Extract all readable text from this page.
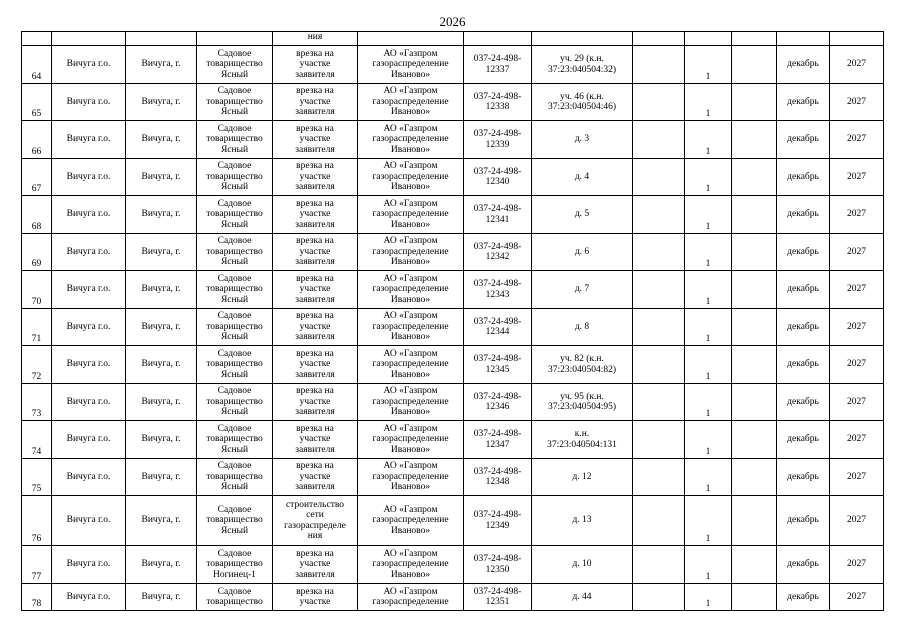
2026
				ния								
64	Вичуга г.о.	Вичуга, г.	Садовое
товарищество
Ясный	врезка на
участке
заявителя	АО «Газпром
газораспределение
Иваново»	037-24-498-
12337	уч. 29 (к.н.
37:23:040504:32)		1		декабрь	2027
65	Вичуга г.о.	Вичуга, г.	Садовое
товарищество
Ясный	врезка на
участке
заявителя	АО «Газпром
газораспределение
Иваново»	037-24-498-
12338	уч. 46 (к.н.
37:23:040504:46)		1		декабрь	2027
66	Вичуга г.о.	Вичуга, г.	Садовое
товарищество
Ясный	врезка на
участке
заявителя	АО «Газпром
газораспределение
Иваново»	037-24-498-
12339	д. 3		1		декабрь	2027
67	Вичуга г.о.	Вичуга, г.	Садовое
товарищество
Ясный	врезка на
участке
заявителя	АО «Газпром
газораспределение
Иваново»	037-24-498-
12340	д. 4		1		декабрь	2027
68	Вичуга г.о.	Вичуга, г.	Садовое
товарищество
Ясный	врезка на
участке
заявителя	АО «Газпром
газораспределение
Иваново»	037-24-498-
12341	д. 5		1		декабрь	2027
69	Вичуга г.о.	Вичуга, г.	Садовое
товарищество
Ясный	врезка на
участке
заявителя	АО «Газпром
газораспределение
Иваново»	037-24-498-
12342	д. 6		1		декабрь	2027
70	Вичуга г.о.	Вичуга, г.	Садовое
товарищество
Ясный	врезка на
участке
заявителя	АО «Газпром
газораспределение
Иваново»	037-24-498-
12343	д. 7		1		декабрь	2027
71	Вичуга г.о.	Вичуга, г.	Садовое
товарищество
Ясный	врезка на
участке
заявителя	АО «Газпром
газораспределение
Иваново»	037-24-498-
12344	д. 8		1		декабрь	2027
72	Вичуга г.о.	Вичуга, г.	Садовое
товарищество
Ясный	врезка на
участке
заявителя	АО «Газпром
газораспределение
Иваново»	037-24-498-
12345	уч. 82 (к.н.
37:23:040504:82)		1		декабрь	2027
73	Вичуга г.о.	Вичуга, г.	Садовое
товарищество
Ясный	врезка на
участке
заявителя	АО «Газпром
газораспределение
Иваново»	037-24-498-
12346	уч. 95 (к.н.
37:23:040504:95)		1		декабрь	2027
74	Вичуга г.о.	Вичуга, г.	Садовое
товарищество
Ясный	врезка на
участке
заявителя	АО «Газпром
газораспределение
Иваново»	037-24-498-
12347	к.н.
37:23:040504:131		1		декабрь	2027
75	Вичуга г.о.	Вичуга, г.	Садовое
товарищество
Ясный	врезка на
участке
заявителя	АО «Газпром
газораспределение
Иваново»	037-24-498-
12348	д. 12		1		декабрь	2027
76	Вичуга г.о.	Вичуга, г.	Садовое
товарищество
Ясный	строительство
сети
газораспределе
ния	АО «Газпром
газораспределение
Иваново»	037-24-498-
12349	д. 13		1		декабрь	2027
77	Вичуга г.о.	Вичуга, г.	Садовое
товарищество
Ногинец-1	врезка на
участке
заявителя	АО «Газпром
газораспределение
Иваново»	037-24-498-
12350	д. 10		1		декабрь	2027
78	Вичуга г.о.	Вичуга, г.	Садовое
товарищество	врезка на
участке	АО «Газпром
газораспределение	037-24-498-
12351	д. 44		1		декабрь	2027
